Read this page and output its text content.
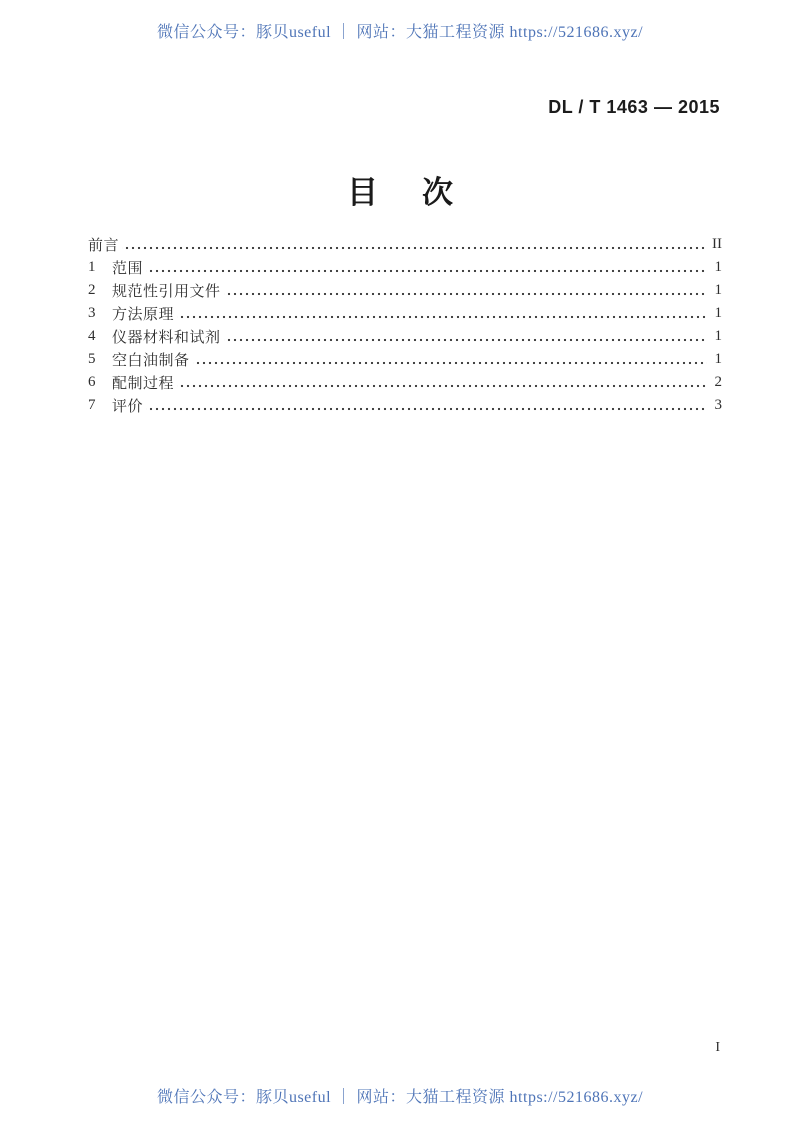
微信公众号：豚贝useful ｜ 网站：大猫工程资源 https://521686.xyz/
DL / T 1463 — 2015
目 次
前言	II
1	范围	1
2	规范性引用文件	1
3	方法原理	1
4	仪器材料和试剂	1
5	空白油制备	1
6	配制过程	2
7	评价	3
I
微信公众号：豚贝useful ｜ 网站：大猫工程资源 https://521686.xyz/
